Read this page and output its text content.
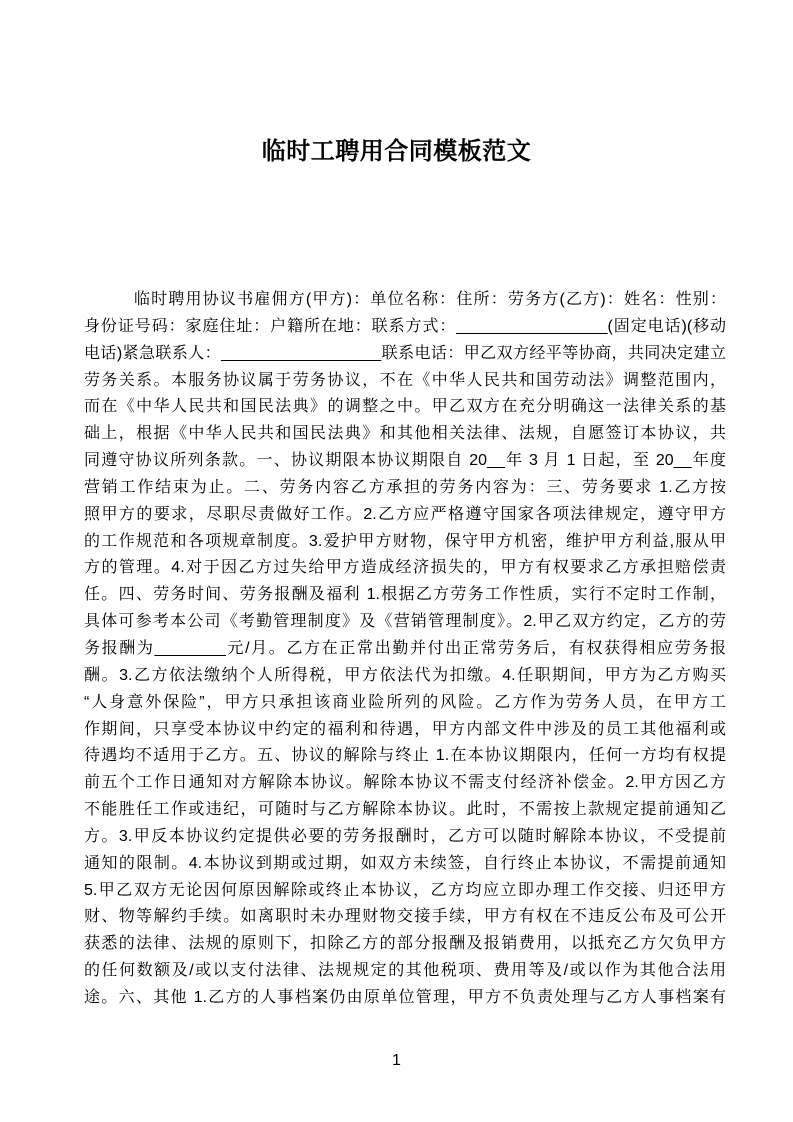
临时工聘用合同模板范文
临时聘用协议书雇佣方(甲方)：单位名称：住所：劳务方(乙方)：姓名：性别：
身份证号码：家庭住址：户籍所在地：联系方式：_________________(固定电话)(移动
电话)紧急联系人：__________________联系电话：甲乙双方经平等协商，共同决定建立
劳务关系。本服务协议属于劳务协议，不在《中华人民共和国劳动法》调整范围内，
而在《中华人民共和国民法典》的调整之中。甲乙双方在充分明确这一法律关系的基
础上，根据《中华人民共和国民法典》和其他相关法律、法规，自愿签订本协议，共
同遵守协议所列条款。一、协议期限本协议期限自 20__年 3 月 1 日起，至 20__年度
营销工作结束为止。二、劳务内容乙方承担的劳务内容为：三、劳务要求 1.乙方按
照甲方的要求，尽职尽责做好工作。2.乙方应严格遵守国家各项法律规定，遵守甲方
的工作规范和各项规章制度。3.爱护甲方财物，保守甲方机密，维护甲方利益,服从甲
方的管理。4.对于因乙方过失给甲方造成经济损失的，甲方有权要求乙方承担赔偿责
任。四、劳务时间、劳务报酬及福利 1.根据乙方劳务工作性质，实行不定时工作制，
具体可参考本公司《考勤管理制度》及《营销管理制度》。2.甲乙双方约定，乙方的劳
务报酬为________元/月。乙方在正常出勤并付出正常劳务后，有权获得相应劳务报
酬。3.乙方依法缴纳个人所得税，甲方依法代为扣缴。4.任职期间，甲方为乙方购买
“人身意外保险”，甲方只承担该商业险所列的风险。乙方作为劳务人员，在甲方工
作期间，只享受本协议中约定的福利和待遇，甲方内部文件中涉及的员工其他福利或
待遇均不适用于乙方。五、协议的解除与终止 1.在本协议期限内，任何一方均有权提
前五个工作日通知对方解除本协议。解除本协议不需支付经济补偿金。2.甲方因乙方
不能胜任工作或违纪，可随时与乙方解除本协议。此时，不需按上款规定提前通知乙
方。3.甲反本协议约定提供必要的劳务报酬时，乙方可以随时解除本协议，不受提前
通知的限制。4.本协议到期或过期，如双方未续签，自行终止本协议，不需提前通知
5.甲乙双方无论因何原因解除或终止本协议，乙方均应立即办理工作交接、归还甲方
财、物等解约手续。如离职时未办理财物交接手续，甲方有权在不违反公布及可公开
获悉的法律、法规的原则下，扣除乙方的部分报酬及报销费用，以抵充乙方欠负甲方
的任何数额及/或以支付法律、法规规定的其他税项、费用等及/或以作为其他合法用
途。六、其他 1.乙方的人事档案仍由原单位管理，甲方不负责处理与乙方人事档案有
1
